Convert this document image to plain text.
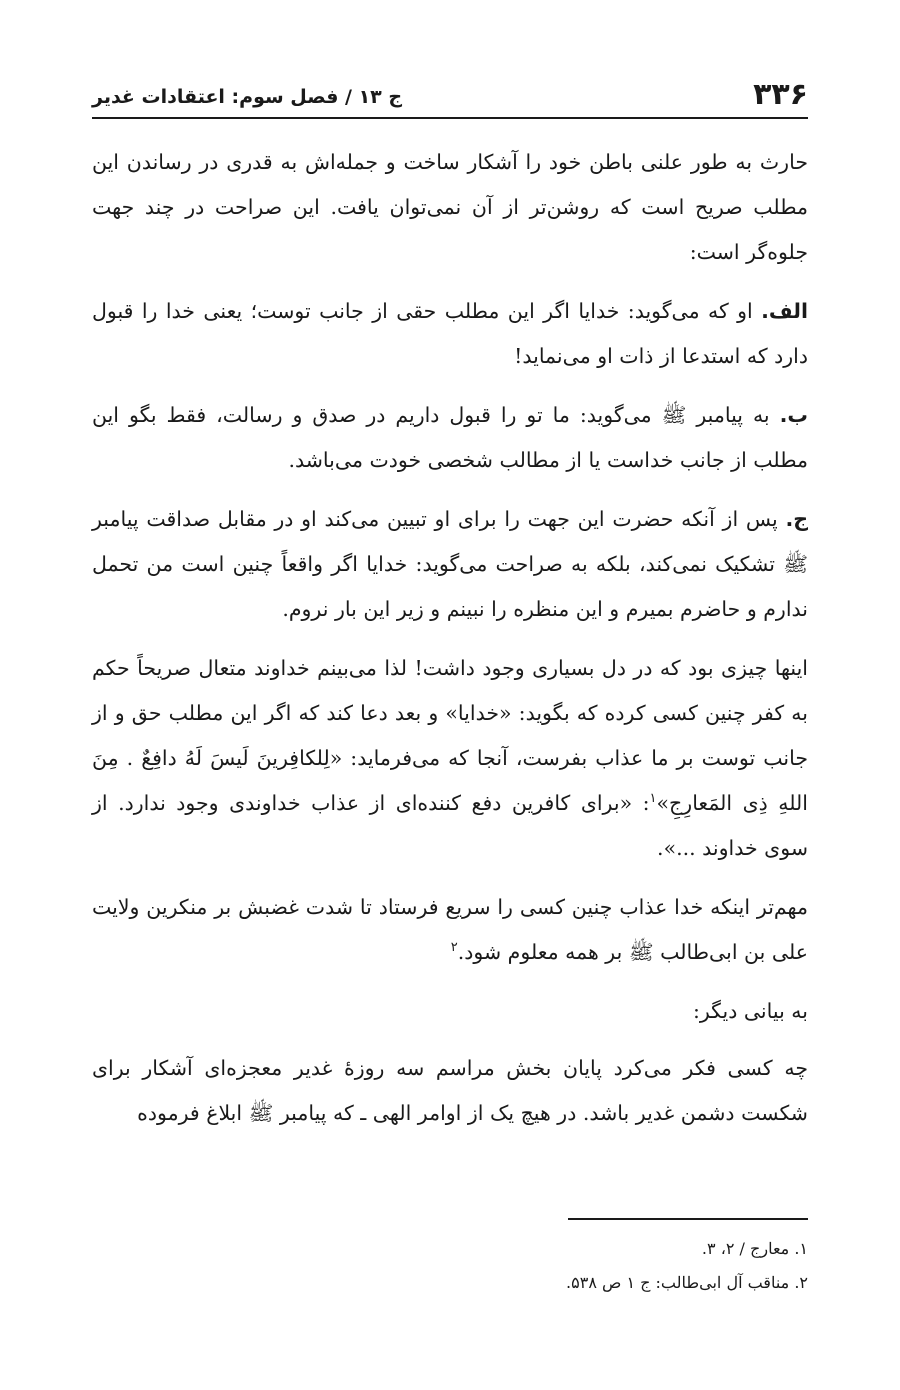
۳۳۶
ج ۱۳ / فصل سوم: اعتقادات غدیر

حارث به طور علنی باطن خود را آشکار ساخت و جمله‌اش به قدری در رساندن این مطلب صریح است که روشن‌تر از آن نمی‌توان یافت. این صراحت در چند جهت جلوه‌گر است:

الف. او که می‌گوید: خدایا اگر این مطلب حقی از جانب توست؛ یعنی خدا را قبول دارد که استدعا از ذات او می‌نماید!

ب. به پیامبر ﷺ می‌گوید: ما تو را قبول داریم در صدق و رسالت، فقط بگو این مطلب از جانب خداست یا از مطالب شخصی خودت می‌باشد.

ج. پس از آنکه حضرت این جهت را برای او تبیین می‌کند او در مقابل صداقت پیامبر ﷺ تشکیک نمی‌کند، بلکه به صراحت می‌گوید: خدایا اگر واقعاً چنین است من تحمل ندارم و حاضرم بمیرم و این منظره را نبینم و زیر این بار نروم.

اینها چیزی بود که در دل بسیاری وجود داشت! لذا می‌بینم خداوند متعال صریحاً حکم به کفر چنین کسی کرده که بگوید: «خدایا» و بعد دعا کند که اگر این مطلب حق و از جانب توست بر ما عذاب بفرست، آنجا که می‌فرماید: «لِلکافِرینَ لَیسَ لَهُ دافِعٌ . مِنَ اللهِ ذِی المَعارِجِ»$^۱$: «برای کافرین دفع کننده‌ای از عذاب خداوندی وجود ندارد. از سوی خداوند ...».

مهم‌تر اینکه خدا عذاب چنین کسی را سریع فرستاد تا شدت غضبش بر منکرین ولایت علی بن ابی‌طالب ﷺ بر همه معلوم شود.$^۲$

به بیانی دیگر:

چه کسی فکر می‌کرد پایان بخش مراسم سه روزهٔ غدیر معجزه‌ای آشکار برای شکست دشمن غدیر باشد. در هیچ یک از اوامر الهی ـ که پیامبر ﷺ ابلاغ فرموده

۱. معارج / ۲، ۳.
۲. مناقب آل ابی‌طالب: ج ۱ ص ۵۳۸.
